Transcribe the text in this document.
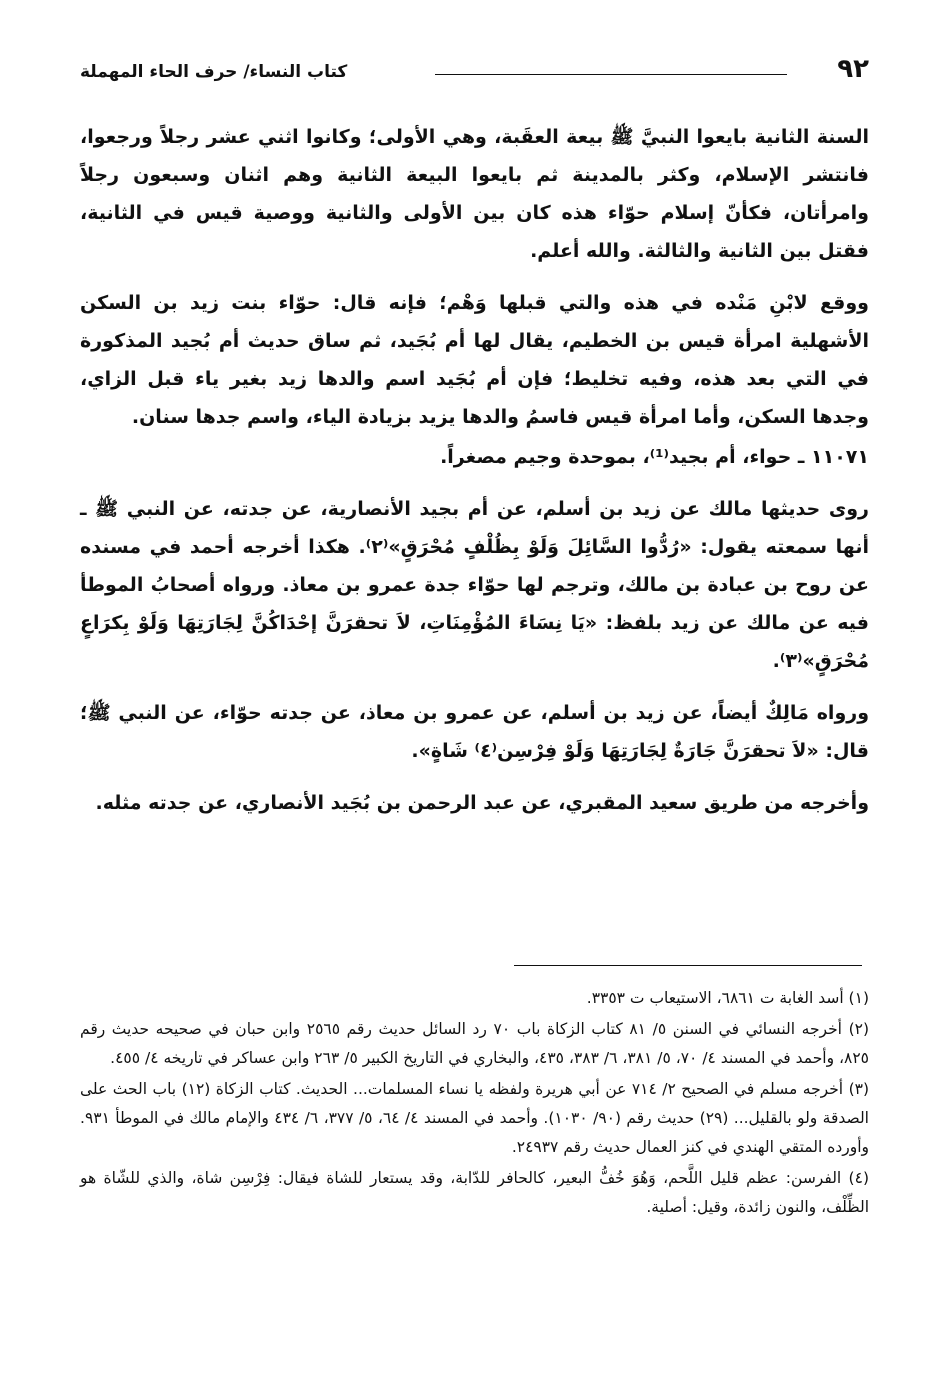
٩٢
كتاب النساء/ حرف الحاء المهملة

السنة الثانية بايعوا النبيَّ ﷺ بيعة العقَبة، وهي الأولى؛ وكانوا اثني عشر رجلاً ورجعوا، فانتشر الإسلام، وكثر بالمدينة ثم بايعوا البيعة الثانية وهم اثنان وسبعون رجلاً وامرأتان، فكأنّ إسلام حوّاء هذه كان بين الأولى والثانية ووصية قيس في الثانية، فقتل بين الثانية والثالثة. والله أعلم.

ووقع لابْنِ مَنْده في هذه والتي قبلها وَهْم؛ فإنه قال: حوّاء بنت زيد بن السكن الأشهلية امرأة قيس بن الخطيم، يقال لها أم بُجَيد، ثم ساق حديث أم بُجيد المذكورة في التي بعد هذه، وفيه تخليط؛ فإن أم بُجَيد اسم والدها زيد بغير ياء قبل الزاي، وجدها السكن، وأما امرأة قيس فاسمُ والدها يزيد بزيادة الياء، واسم جدها سنان.

١١٠٧١ ـ حواء، أم بجيد⁽¹⁾، بموحدة وجيم مصغراً.

روى حديثها مالك عن زيد بن أسلم، عن أم بجيد الأنصارية، عن جدته، عن النبي ﷺ ـ أنها سمعته يقول: «رُدُّوا السَّائِلَ وَلَوْ بِظُلْفٍ مُحْرَقٍ»⁽٢⁾. هكذا أخرجه أحمد في مسنده عن روح بن عبادة بن مالك، وترجم لها حوّاء جدة عمرو بن معاذ. ورواه أصحابُ الموطأ فيه عن مالك عن زيد بلفظ: «يَا نِسَاءَ المُؤْمِنَاتِ، لاَ تحقرَنَّ إحْدَاكُنَّ لِجَارَتِهَا وَلَوْ بِكرَاعٍ مُحْرَقٍ»⁽٣⁾.

ورواه مَالِكٌ أيضاً، عن زيد بن أسلم، عن عمرو بن معاذ، عن جدته حوّاء، عن النبي ﷺ؛ قال: «لاَ تحقرَنَّ جَارَةٌ لِجَارَتِهَا وَلَوْ فِرْسِن⁽٤⁾ شَاةٍ».

وأخرجه من طريق سعيد المقبري، عن عبد الرحمن بن بُجَيد الأنصاري، عن جدته مثله.

(١) أسد الغابة ت ٦٨٦١، الاستيعاب ت ٣٣٥٣.

(٢) أخرجه النسائي في السنن ٥/ ٨١ كتاب الزكاة باب ٧٠ رد السائل حديث رقم ٢٥٦٥ وابن حبان في صحيحه حديث رقم ٨٢٥، وأحمد في المسند ٤/ ٧٠، ٥/ ٣٨١، ٦/ ٣٨٣، ٤٣٥، والبخاري في التاريخ الكبير ٥/ ٢٦٣ وابن عساكر في تاريخه ٤/ ٤٥٥.

(٣) أخرجه مسلم في الصحيح ٢/ ٧١٤ عن أبي هريرة ولفظه يا نساء المسلمات... الحديث. كتاب الزكاة (١٢) باب الحث على الصدقة ولو بالقليل... (٢٩) حديث رقم (٩٠/ ١٠٣٠). وأحمد في المسند ٤/ ٦٤، ٥/ ٣٧٧، ٦/ ٤٣٤ والإمام مالك في الموطأ ٩٣١. وأورده المتقي الهندي في كنز العمال حديث رقم ٢٤٩٣٧.

(٤) الفرسن: عظم قليل اللَّحم، وَهُوَ خُفُّ البعير، كالحافر للدّابة، وقد يستعار للشاة فيقال: فِرْسِن شاة، والذي للشّاة هو الظِّلْف، والنون زائدة، وقيل: أصلية.
